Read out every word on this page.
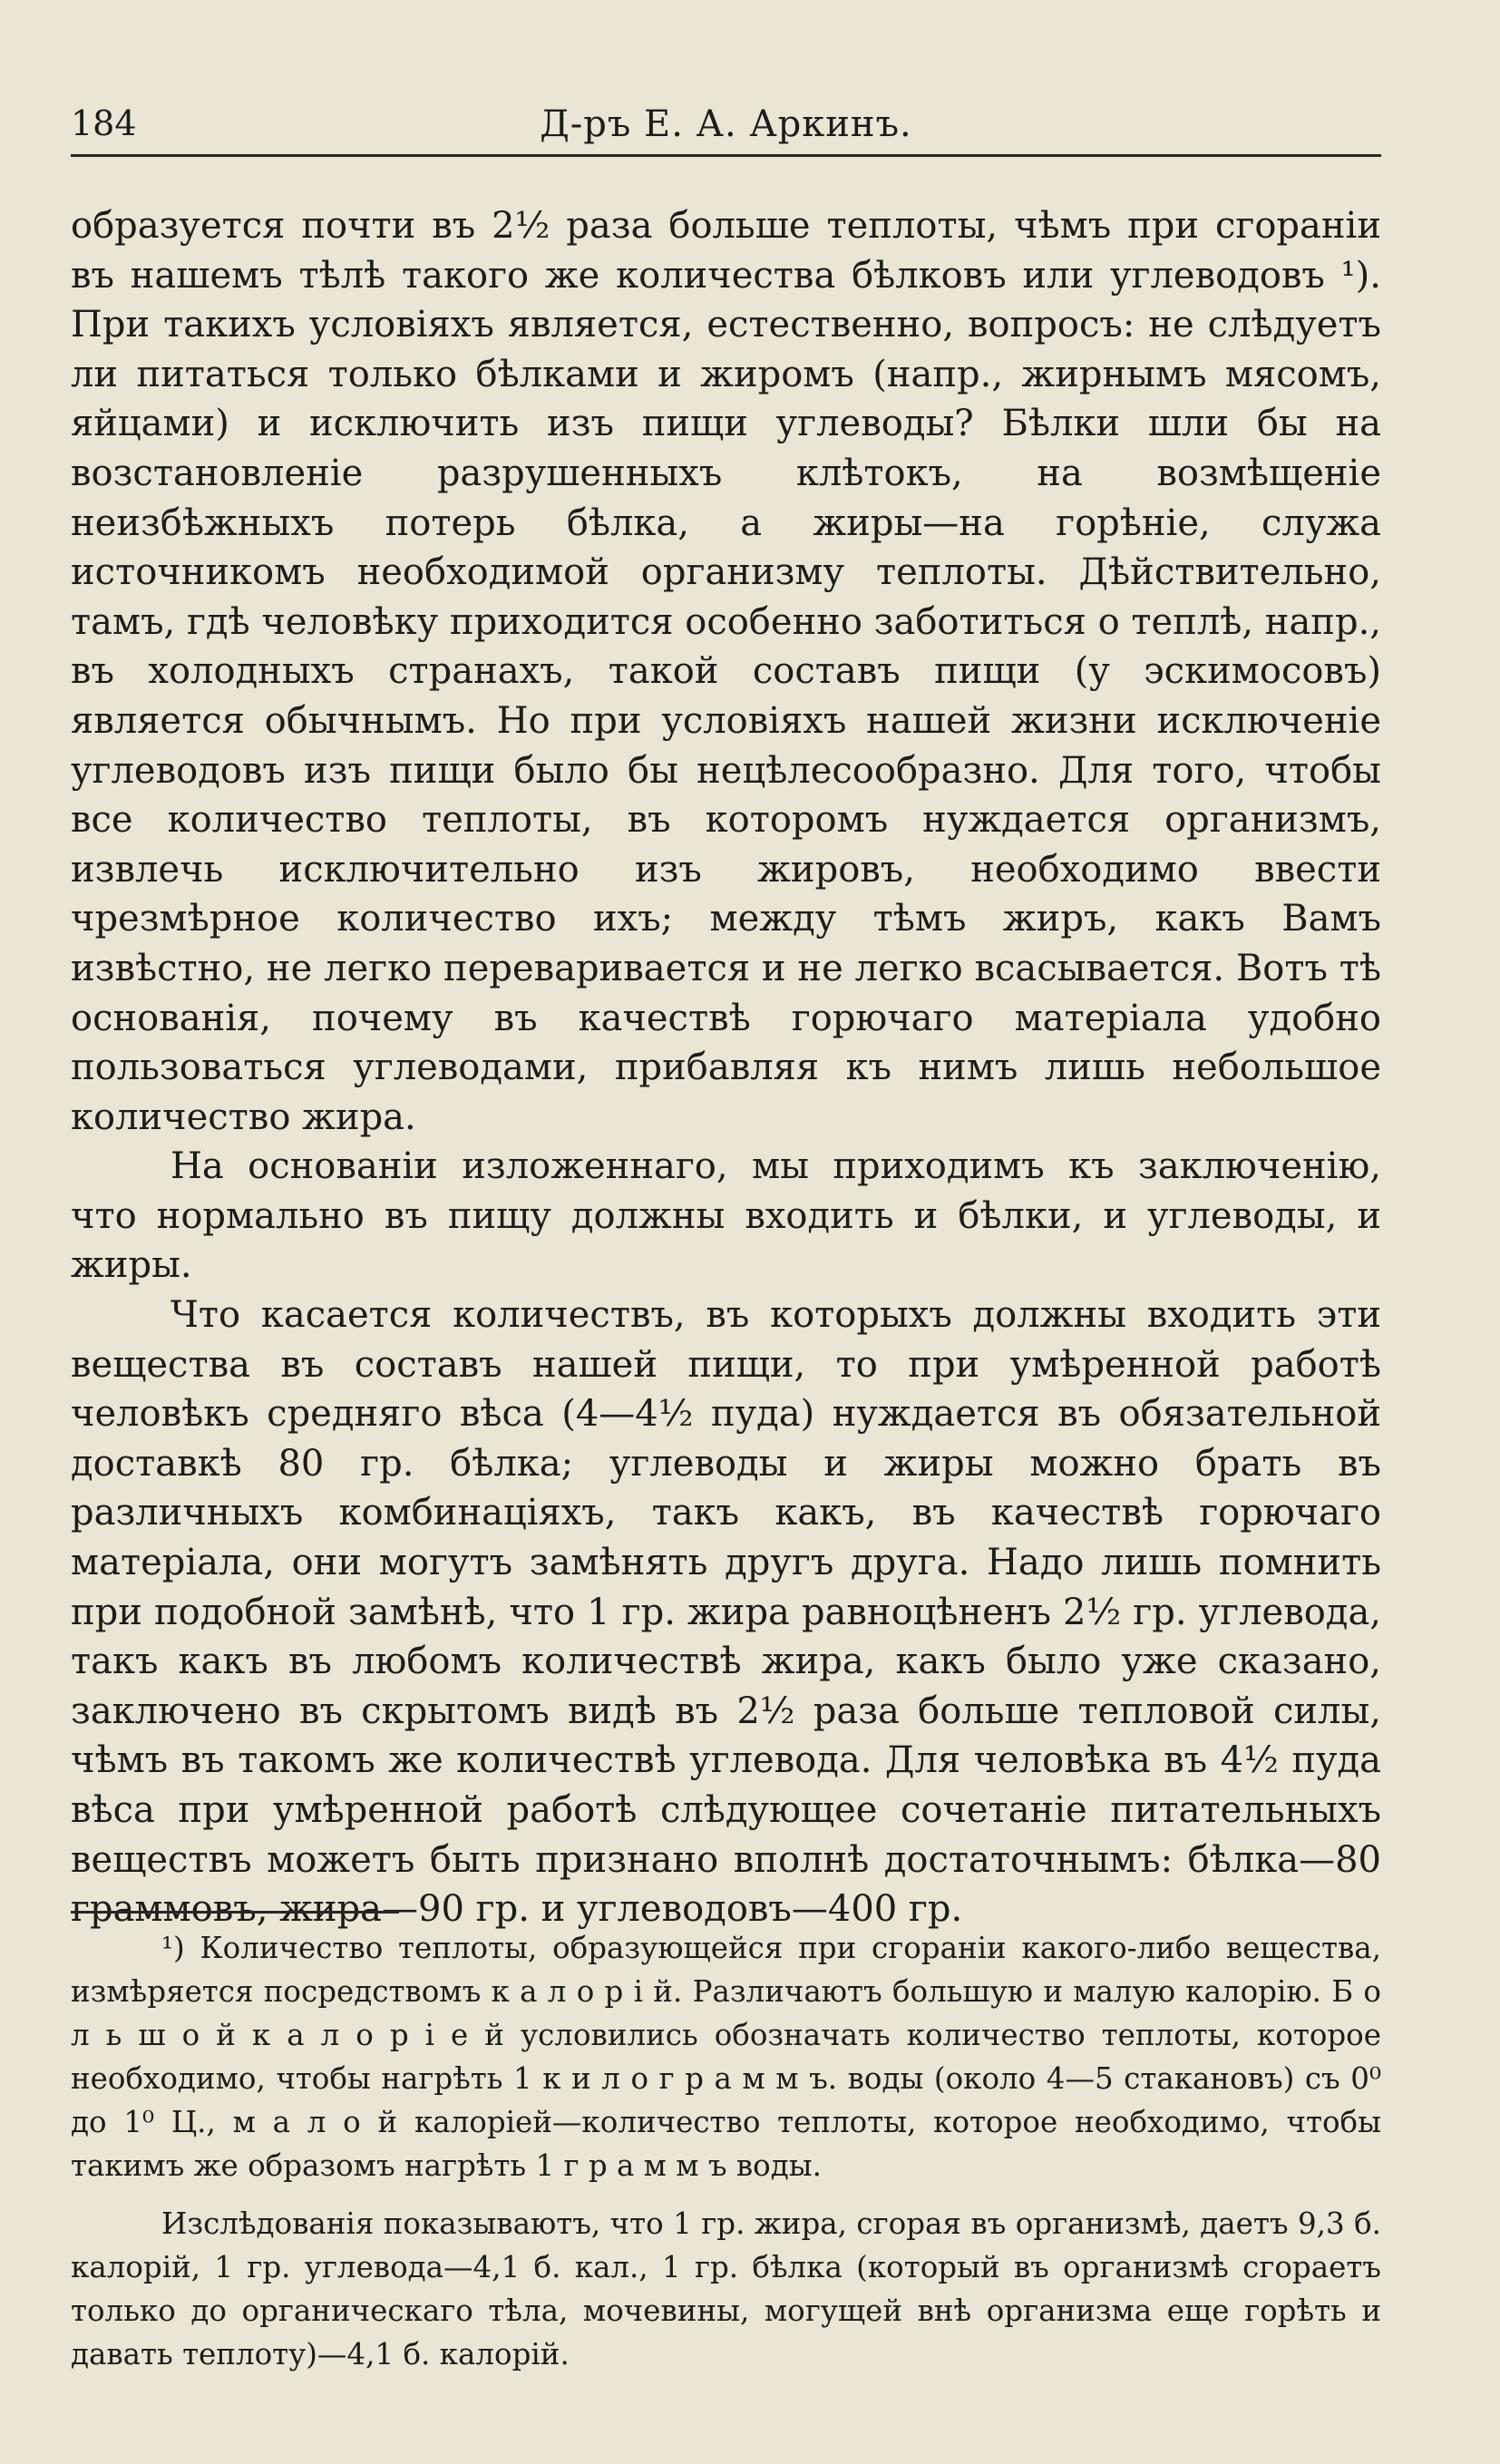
184	Д-ръ Е. А. Аркинъ.

образуется почти въ 2½ раза больше теплоты, чѣмъ при сгораніи въ нашемъ тѣлѣ такого же количества бѣлковъ или углеводовъ ¹). При такихъ условіяхъ является, естественно, вопросъ: не слѣдуетъ ли питаться только бѣлками и жиромъ (напр., жирнымъ мясомъ, яйцами) и исключить изъ пищи углеводы? Бѣлки шли бы на возстановленіе разрушенныхъ клѣтокъ, на возмѣщеніе неизбѣжныхъ потерь бѣлка, а жиры—на горѣніе, служа источникомъ необходимой организму теплоты. Дѣйствительно, тамъ, гдѣ человѣку приходится особенно заботиться о теплѣ, напр., въ холодныхъ странахъ, такой составъ пищи (у эскимосовъ) является обычнымъ. Но при условіяхъ нашей жизни исключеніе углеводовъ изъ пищи было бы нецѣлесообразно. Для того, чтобы все количество теплоты, въ которомъ нуждается организмъ, извлечь исключительно изъ жировъ, необходимо ввести чрезмѣрное количество ихъ; между тѣмъ жиръ, какъ Вамъ извѣстно, не легко переваривается и не легко всасывается. Вотъ тѣ основанія, почему въ качествѣ горючаго матеріала удобно пользоваться углеводами, прибавляя къ нимъ лишь небольшое количество жира.

На основаніи изложеннаго, мы приходимъ къ заключенію, что нормально въ пищу должны входить и бѣлки, и углеводы, и жиры.

Что касается количествъ, въ которыхъ должны входить эти вещества въ составъ нашей пищи, то при умѣренной работѣ человѣкъ средняго вѣса (4—4½ пуда) нуждается въ обязательной доставкѣ 80 гр. бѣлка; углеводы и жиры можно брать въ различныхъ комбинаціяхъ, такъ какъ, въ качествѣ горючаго матеріала, они могутъ замѣнять другъ друга. Надо лишь помнить при подобной замѣнѣ, что 1 гр. жира равноцѣненъ 2½ гр. углевода, такъ какъ въ любомъ количествѣ жира, какъ было уже сказано, заключено въ скрытомъ видѣ въ 2½ раза больше тепловой силы, чѣмъ въ такомъ же количествѣ углевода. Для человѣка въ 4½ пуда вѣса при умѣренной работѣ слѣдующее сочетаніе питательныхъ веществъ можетъ быть признано вполнѣ достаточнымъ: бѣлка—80 граммовъ, жира—90 гр. и углеводовъ—400 гр.

¹) Количество теплоты, образующейся при сгораніи какого-либо вещества, измѣряется посредствомъ к а л о р і й. Различаютъ большую и малую калорію. Б о л ь ш о й к а л о р і е й условились обозначать количество теплоты, которое необходимо, чтобы нагрѣть 1 к и л о г р а м м ъ. воды (около 4—5 стакановъ) съ 0⁰ до 1⁰ Ц., м а л о й калоріей—количество теплоты, которое необходимо, чтобы такимъ же образомъ нагрѣть 1 г р а м м ъ воды.

Изслѣдованія показываютъ, что 1 гр. жира, сгорая въ организмѣ, даетъ 9,3 б. калорій, 1 гр. углевода—4,1 б. кал., 1 гр. бѣлка (который въ организмѣ сгораетъ только до органическаго тѣла, мочевины, могущей внѣ организма еще горѣть и давать теплоту)—4,1 б. калорій.
